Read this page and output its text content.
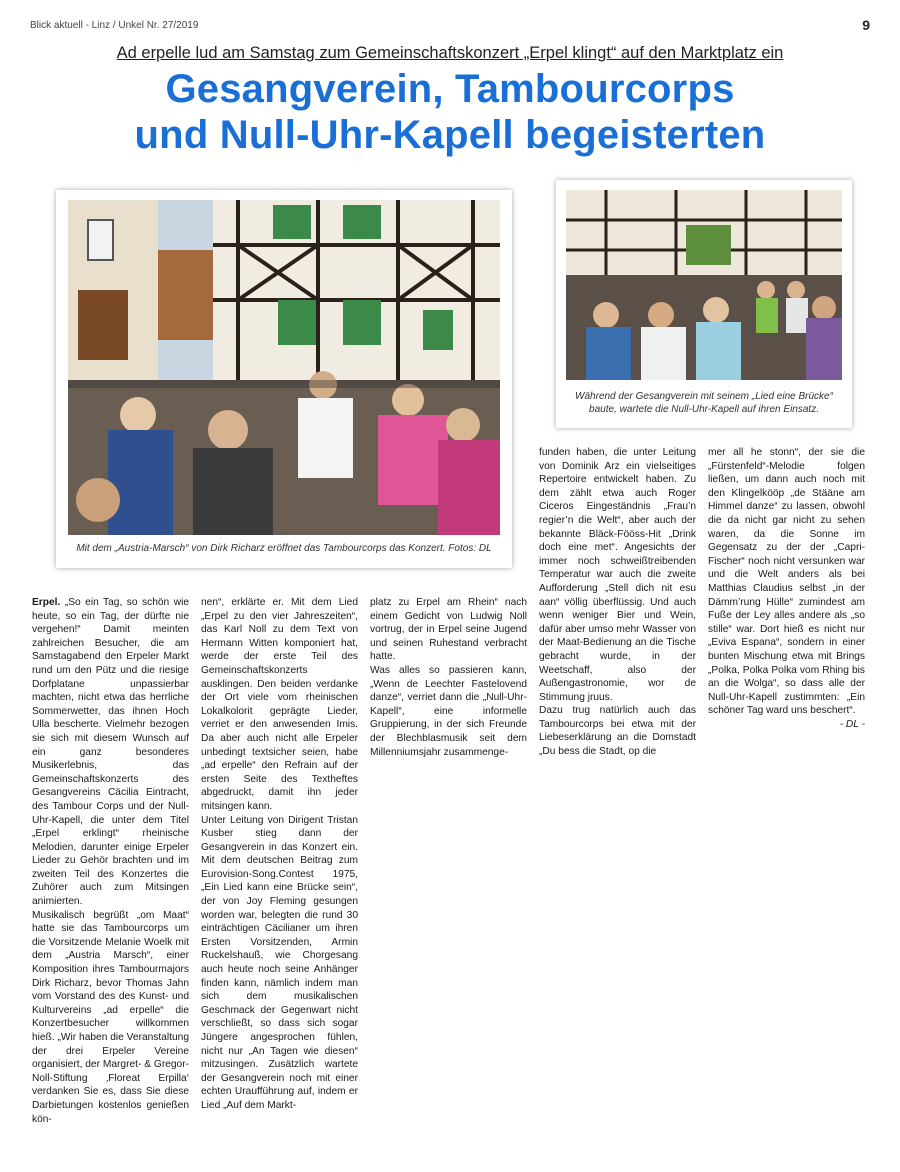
Blick aktuell - Linz / Unkel Nr. 27/2019	9
Ad erpelle lud am Samstag zum Gemeinschaftskonzert „Erpel klingt“ auf den Marktplatz ein
Gesangverein, Tambourcorps
und Null-Uhr-Kapell begeisterten
Mit dem „Austria-Marsch“ von Dirk Richarz eröffnet das Tambourcorps das Konzert. Fotos: DL
Während der Gesangverein mit seinem „Lied eine Brücke“
baute, wartete die Null-Uhr-Kapell auf ihren Einsatz.

Erpel. „So ein Tag, so schön wie heute, so ein Tag, der dürfte nie vergehen!“ Damit meinten zahlreichen Besucher, die am Samstagabend den Erpeler Markt rund um den Pütz und die riesige Dorfplatane unpassierbar machten, nicht etwa das herrliche Sommerwetter, das ihnen Hoch Ulla bescherte. Vielmehr bezogen sie sich mit diesem Wunsch auf ein ganz besonderes Musikerlebnis, das Gemeinschaftskonzerts des Gesangvereins Cäcilia Eintracht, des Tambour Corps und der Null-Uhr-Kapell, die unter dem Titel „Erpel erklingt“ rheinische Melodien, darunter einige Erpeler Lieder zu Gehör brachten und im zweiten Teil des Konzertes die Zuhörer auch zum Mitsingen animierten.

Musikalisch begrüßt „om Maat“ hatte sie das Tambourcorps um die Vorsitzende Melanie Woelk mit dem „Austria Marsch“, einer Komposition ihres Tambourmajors Dirk Richarz, bevor Thomas Jahn vom Vorstand des des Kunst- und Kulturvereins „ad erpelle“ die Konzertbesucher willkommen hieß. „Wir haben die Veranstaltung der drei Erpeler Vereine organisiert, der Margret- & Gregor-Noll-Stiftung ‚Floreat Erpilla‘ verdanken Sie es, dass Sie diese Darbietungen kostenlos genießen kön-

nen“, erklärte er. Mit dem Lied „Erpel zu den vier Jahreszeiten“, das Karl Noll zu dem Text von Hermann Witten komponiert hat, werde der erste Teil des Gemeinschaftskonzerts ausklingen. Den beiden verdanke der Ort viele vom rheinischen Lokalkolorit geprägte Lieder, verriet er den anwesenden Imis. Da aber auch nicht alle Erpeler unbedingt textsicher seien, habe „ad erpelle“ den Refrain auf der ersten Seite des Textheftes abgedruckt, damit ihn jeder mitsingen kann.

Unter Leitung von Dirigent Tristan Kusber stieg dann der Gesangverein in das Konzert ein. Mit dem deutschen Beitrag zum Eurovision-Song.Contest 1975, „Ein Lied kann eine Brücke sein“, der von Joy Fleming gesungen worden war, belegten die rund 30 einträchtigen Cäcilianer um ihren Ersten Vorsitzenden, Armin Ruckelshauß, wie Chorgesang auch heute noch seine Anhänger finden kann, nämlich indem man sich dem musikalischen Geschmack der Gegenwart nicht verschließt, so dass sich sogar Jüngere angesprochen fühlen, nicht nur „An Tagen wie diesen“ mitzusingen. Zusätzlich wartete der Gesangverein noch mit einer echten Uraufführung auf, indem er Lied „Auf dem Markt-

platz zu Erpel am Rhein“ nach einem Gedicht von Ludwig Noll vortrug, der in Erpel seine Jugend und seinen Ruhestand verbracht hatte.

Was alles so passieren kann, „Wenn de Leechter Fastelovend danze“, verriet dann die „Null-Uhr-Kapell“, eine informelle Gruppierung, in der sich Freunde der Blechblasmusik seit dem Millenniumsjahr zusammenge-

funden haben, die unter Leitung von Dominik Arz ein vielseitiges Repertoire entwickelt haben. Zu dem zählt etwa auch Roger Ciceros Eingeständnis „Frau’n regier’n die Welt“, aber auch der bekannte Bläck-Fööss-Hit „Drink doch eine met“. Angesichts der immer noch schweißtreibenden Temperatur war auch die zweite Aufforderung „Stell dich nit esu aan“ völlig überflüssig. Und auch wenn weniger Bier und Wein, dafür aber umso mehr Wasser von der Maat-Bedienung an die Tische gebracht wurde, in der Weetschaff, also der Außengastronomie, wor de Stimmung jruus.

Dazu trug natürlich auch das Tambourcorps bei etwa mit der Liebeserklärung an die Domstadt „Du bess die Stadt, op die

mer all he stonn“, der sie die „Fürstenfeld“-Melodie folgen ließen, um dann auch noch mit den Klingelkööp „de Stääne am Himmel danze“ zu lassen, obwohl die da nicht gar nicht zu sehen waren, da die Sonne im Gegensatz zu der der „Capri-Fischer“ noch nicht versunken war und die Welt anders als bei Matthias Claudius selbst „in der Dämm’rung Hülle“ zumindest am Fuße der Ley alles andere als „so stille“ war. Dort hieß es nicht nur „Eviva Espana“, sondern in einer bunten Mischung etwa mit Brings „Polka, Polka Polka vom Rhing bis an die Wolga“, so dass alle der Null-Uhr-Kapell zustimmten: „Ein schöner Tag ward uns beschert“.

- DL -
